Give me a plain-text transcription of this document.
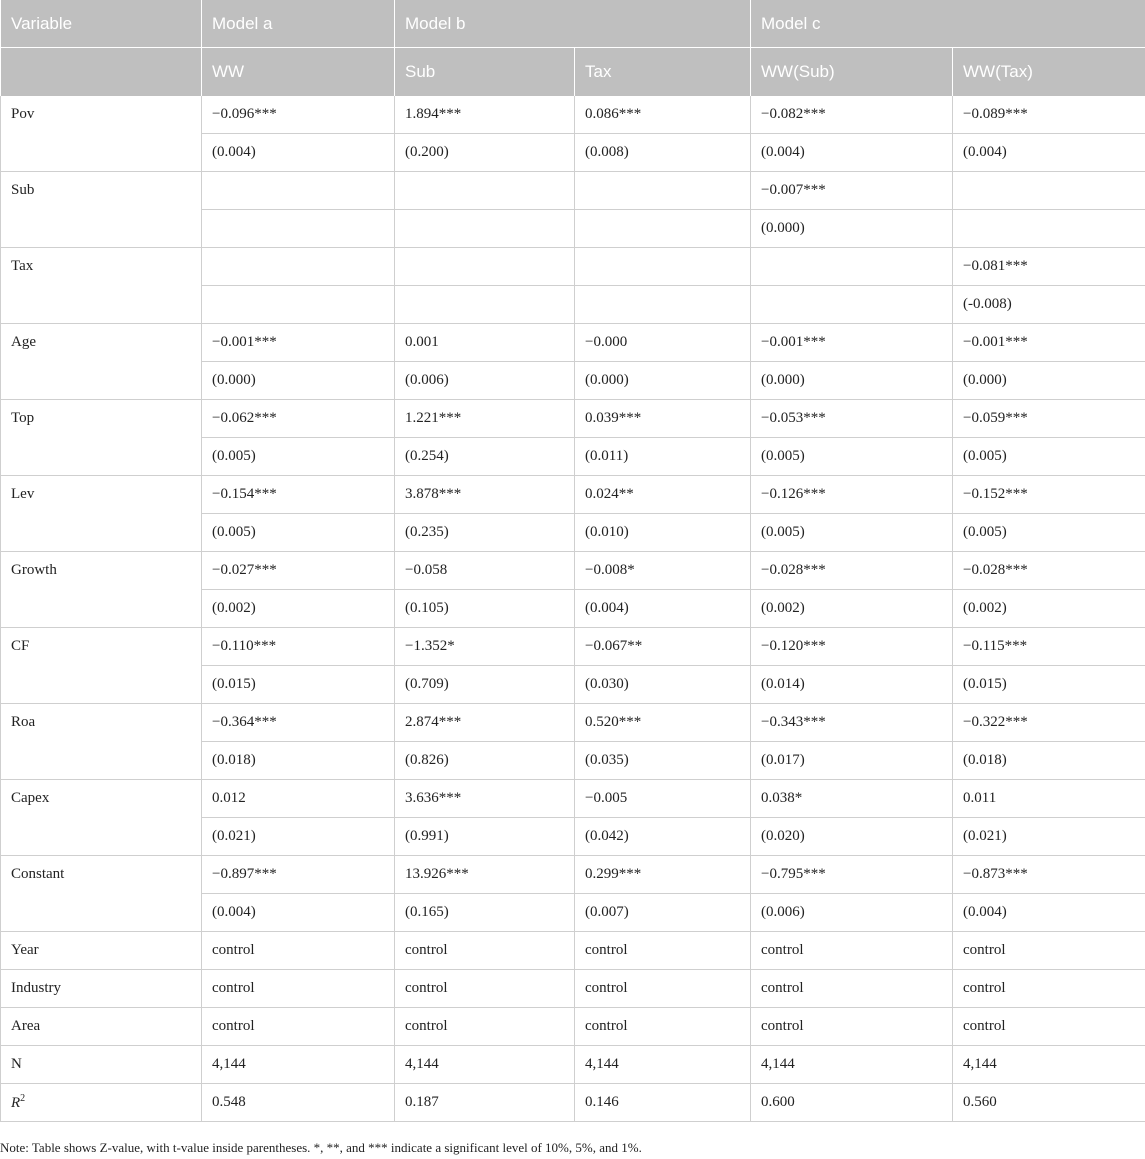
Variable	Model a	Model b		Model c	
	WW	Sub	Tax	WW(Sub)	WW(Tax)
Pov	−0.096***	1.894***	0.086***	−0.082***	−0.089***
	(0.004)	(0.200)	(0.008)	(0.004)	(0.004)
Sub				−0.007***	
				(0.000)	
Tax					−0.081***
					(-0.008)
Age	−0.001***	0.001	−0.000	−0.001***	−0.001***
	(0.000)	(0.006)	(0.000)	(0.000)	(0.000)
Top	−0.062***	1.221***	0.039***	−0.053***	−0.059***
	(0.005)	(0.254)	(0.011)	(0.005)	(0.005)
Lev	−0.154***	3.878***	0.024**	−0.126***	−0.152***
	(0.005)	(0.235)	(0.010)	(0.005)	(0.005)
Growth	−0.027***	−0.058	−0.008*	−0.028***	−0.028***
	(0.002)	(0.105)	(0.004)	(0.002)	(0.002)
CF	−0.110***	−1.352*	−0.067**	−0.120***	−0.115***
	(0.015)	(0.709)	(0.030)	(0.014)	(0.015)
Roa	−0.364***	2.874***	0.520***	−0.343***	−0.322***
	(0.018)	(0.826)	(0.035)	(0.017)	(0.018)
Capex	0.012	3.636***	−0.005	0.038*	0.011
	(0.021)	(0.991)	(0.042)	(0.020)	(0.021)
Constant	−0.897***	13.926***	0.299***	−0.795***	−0.873***
	(0.004)	(0.165)	(0.007)	(0.006)	(0.004)
Year	control	control	control	control	control
Industry	control	control	control	control	control
Area	control	control	control	control	control
N	4,144	4,144	4,144	4,144	4,144
$R^2$	0.548	0.187	0.146	0.600	0.560
Note: Table shows Z-value, with t-value inside parentheses. *, **, and *** indicate a significant level of 10%, 5%, and 1%.
